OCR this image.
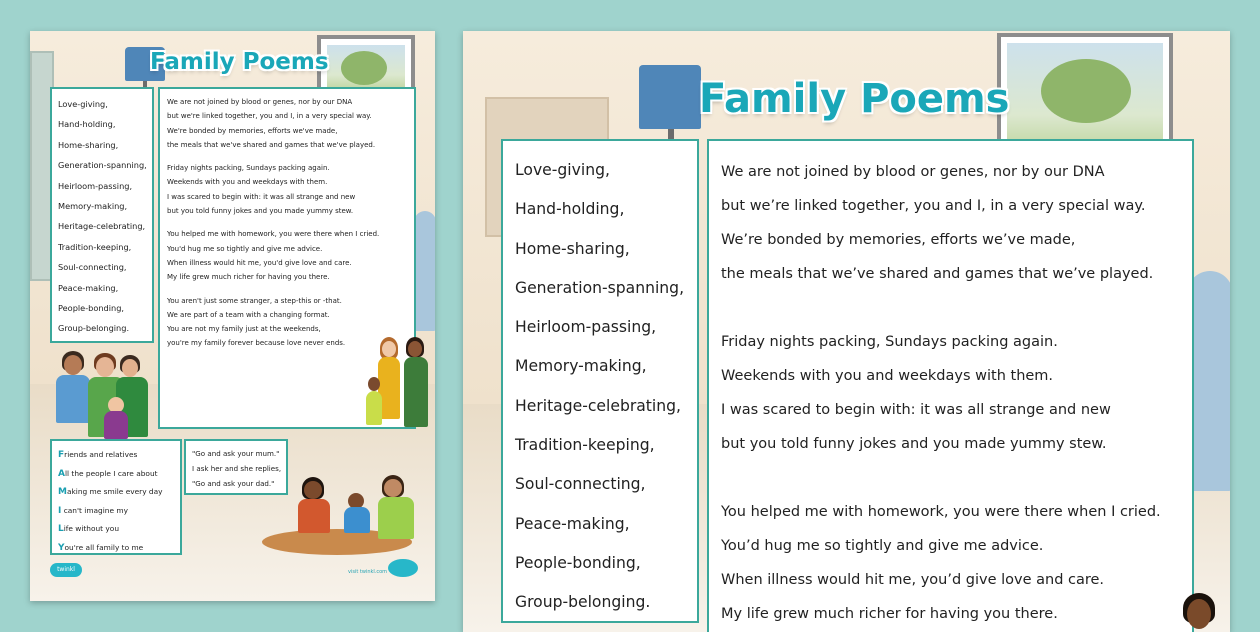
Family Poems
Love-giving,
Hand-holding,
Home-sharing,
Generation-spanning,
Heirloom-passing,
Memory-making,
Heritage-celebrating,
Tradition-keeping,
Soul-connecting,
Peace-making,
People-bonding,
Group-belonging.
We are not joined by blood or genes, nor by our DNA
but we're linked together, you and I, in a very special way.
We're bonded by memories, efforts we've made,
the meals that we've shared and games that we've played.
Friday nights packing, Sundays packing again.
Weekends with you and weekdays with them.
I was scared to begin with: it was all strange and new
but you told funny jokes and you made yummy stew.
You helped me with homework, you were there when I cried.
You'd hug me so tightly and give me advice.
When illness would hit me, you'd give love and care.
My life grew much richer for having you there.
You aren't just some stranger, a step-this or -that.
We are part of a team with a changing format.
You are not my family just at the weekends,
you're my family forever because love never ends.
Friends and relatives
All the people I care about
Making me smile every day
I can't imagine my
Life without you
You're all family to me
"Go and ask your mum."
I ask her and she replies,
"Go and ask your dad."
twinkl	visit twinkl.com
Family Poems
Love-giving,
Hand-holding,
Home-sharing,
Generation-spanning,
Heirloom-passing,
Memory-making,
Heritage-celebrating,
Tradition-keeping,
Soul-connecting,
Peace-making,
People-bonding,
Group-belonging.
We are not joined by blood or genes, nor by our DNA
but we’re linked together, you and I, in a very special way.
We’re bonded by memories, efforts we’ve made,
the meals that we’ve shared and games that we’ve played.
Friday nights packing, Sundays packing again.
Weekends with you and weekdays with them.
I was scared to begin with: it was all strange and new
but you told funny jokes and you made yummy stew.
You helped me with homework, you were there when I cried.
You’d hug me so tightly and give me advice.
When illness would hit me, you’d give love and care.
My life grew much richer for having you there.
